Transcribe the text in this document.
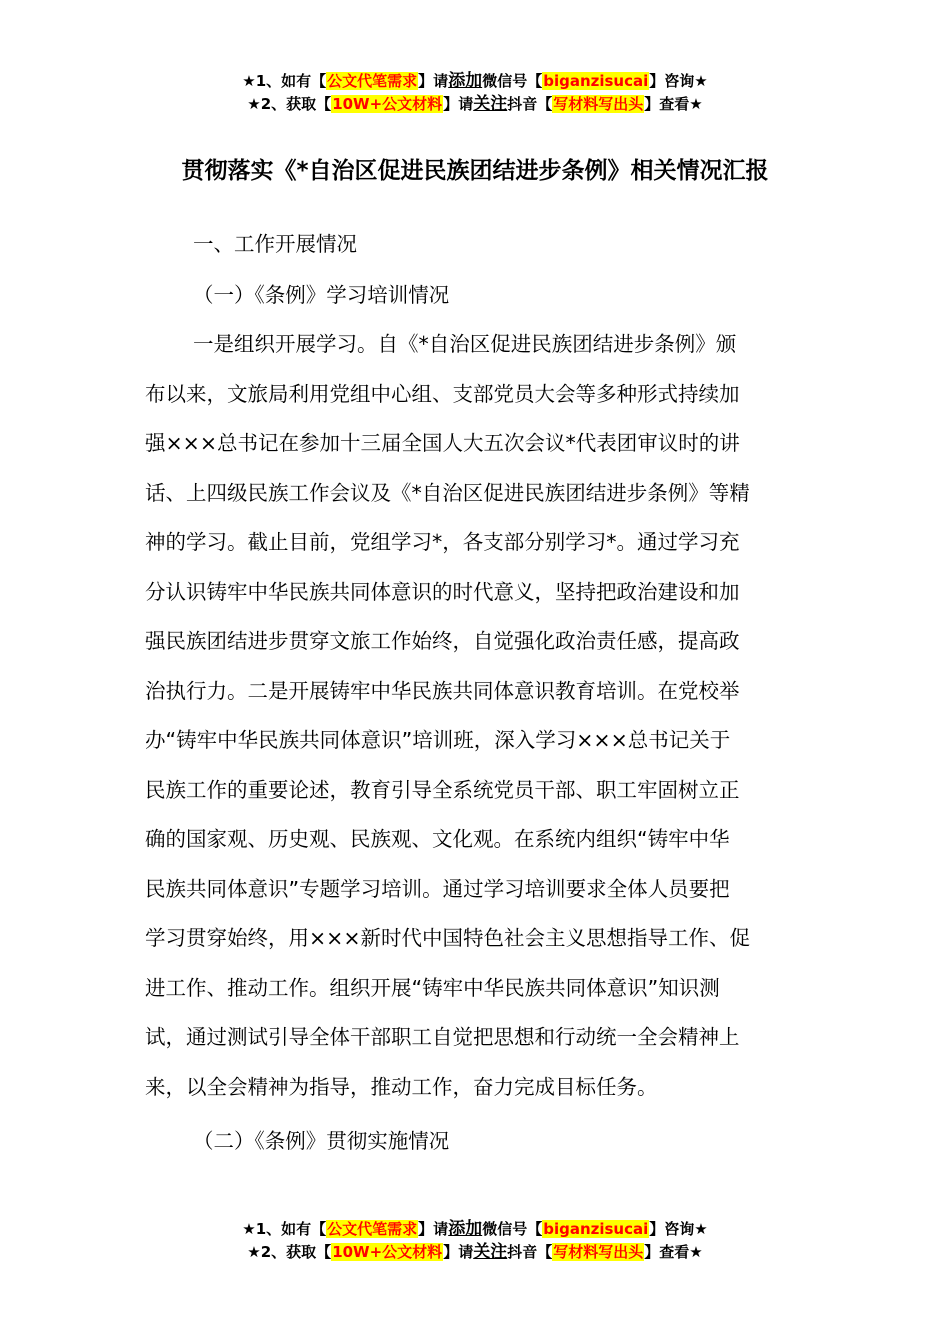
★1、如有【公文代笔需求】请添加微信号【biganzisucai】咨询★
★2、获取【10W+公文材料】请关注抖音【写材料写出头】查看★
贯彻落实《*自治区促进民族团结进步条例》相关情况汇报
一、工作开展情况
（一）《条例》学习培训情况
一是组织开展学习。自《*自治区促进民族团结进步条例》颁
布以来，文旅局利用党组中心组、支部党员大会等多种形式持续加
强×××总书记在参加十三届全国人大五次会议*代表团审议时的讲
话、上四级民族工作会议及《*自治区促进民族团结进步条例》等精
神的学习。截止目前，党组学习*，各支部分别学习*。通过学习充
分认识铸牢中华民族共同体意识的时代意义，坚持把政治建设和加
强民族团结进步贯穿文旅工作始终，自觉强化政治责任感，提高政
治执行力。二是开展铸牢中华民族共同体意识教育培训。在党校举
办“铸牢中华民族共同体意识”培训班，深入学习×××总书记关于
民族工作的重要论述，教育引导全系统党员干部、职工牢固树立正
确的国家观、历史观、民族观、文化观。在系统内组织“铸牢中华
民族共同体意识”专题学习培训。通过学习培训要求全体人员要把
学习贯穿始终，用×××新时代中国特色社会主义思想指导工作、促
进工作、推动工作。组织开展“铸牢中华民族共同体意识”知识测
试，通过测试引导全体干部职工自觉把思想和行动统一全会精神上
来，以全会精神为指导，推动工作，奋力完成目标任务。
（二）《条例》贯彻实施情况
★1、如有【公文代笔需求】请添加微信号【biganzisucai】咨询★
★2、获取【10W+公文材料】请关注抖音【写材料写出头】查看★
